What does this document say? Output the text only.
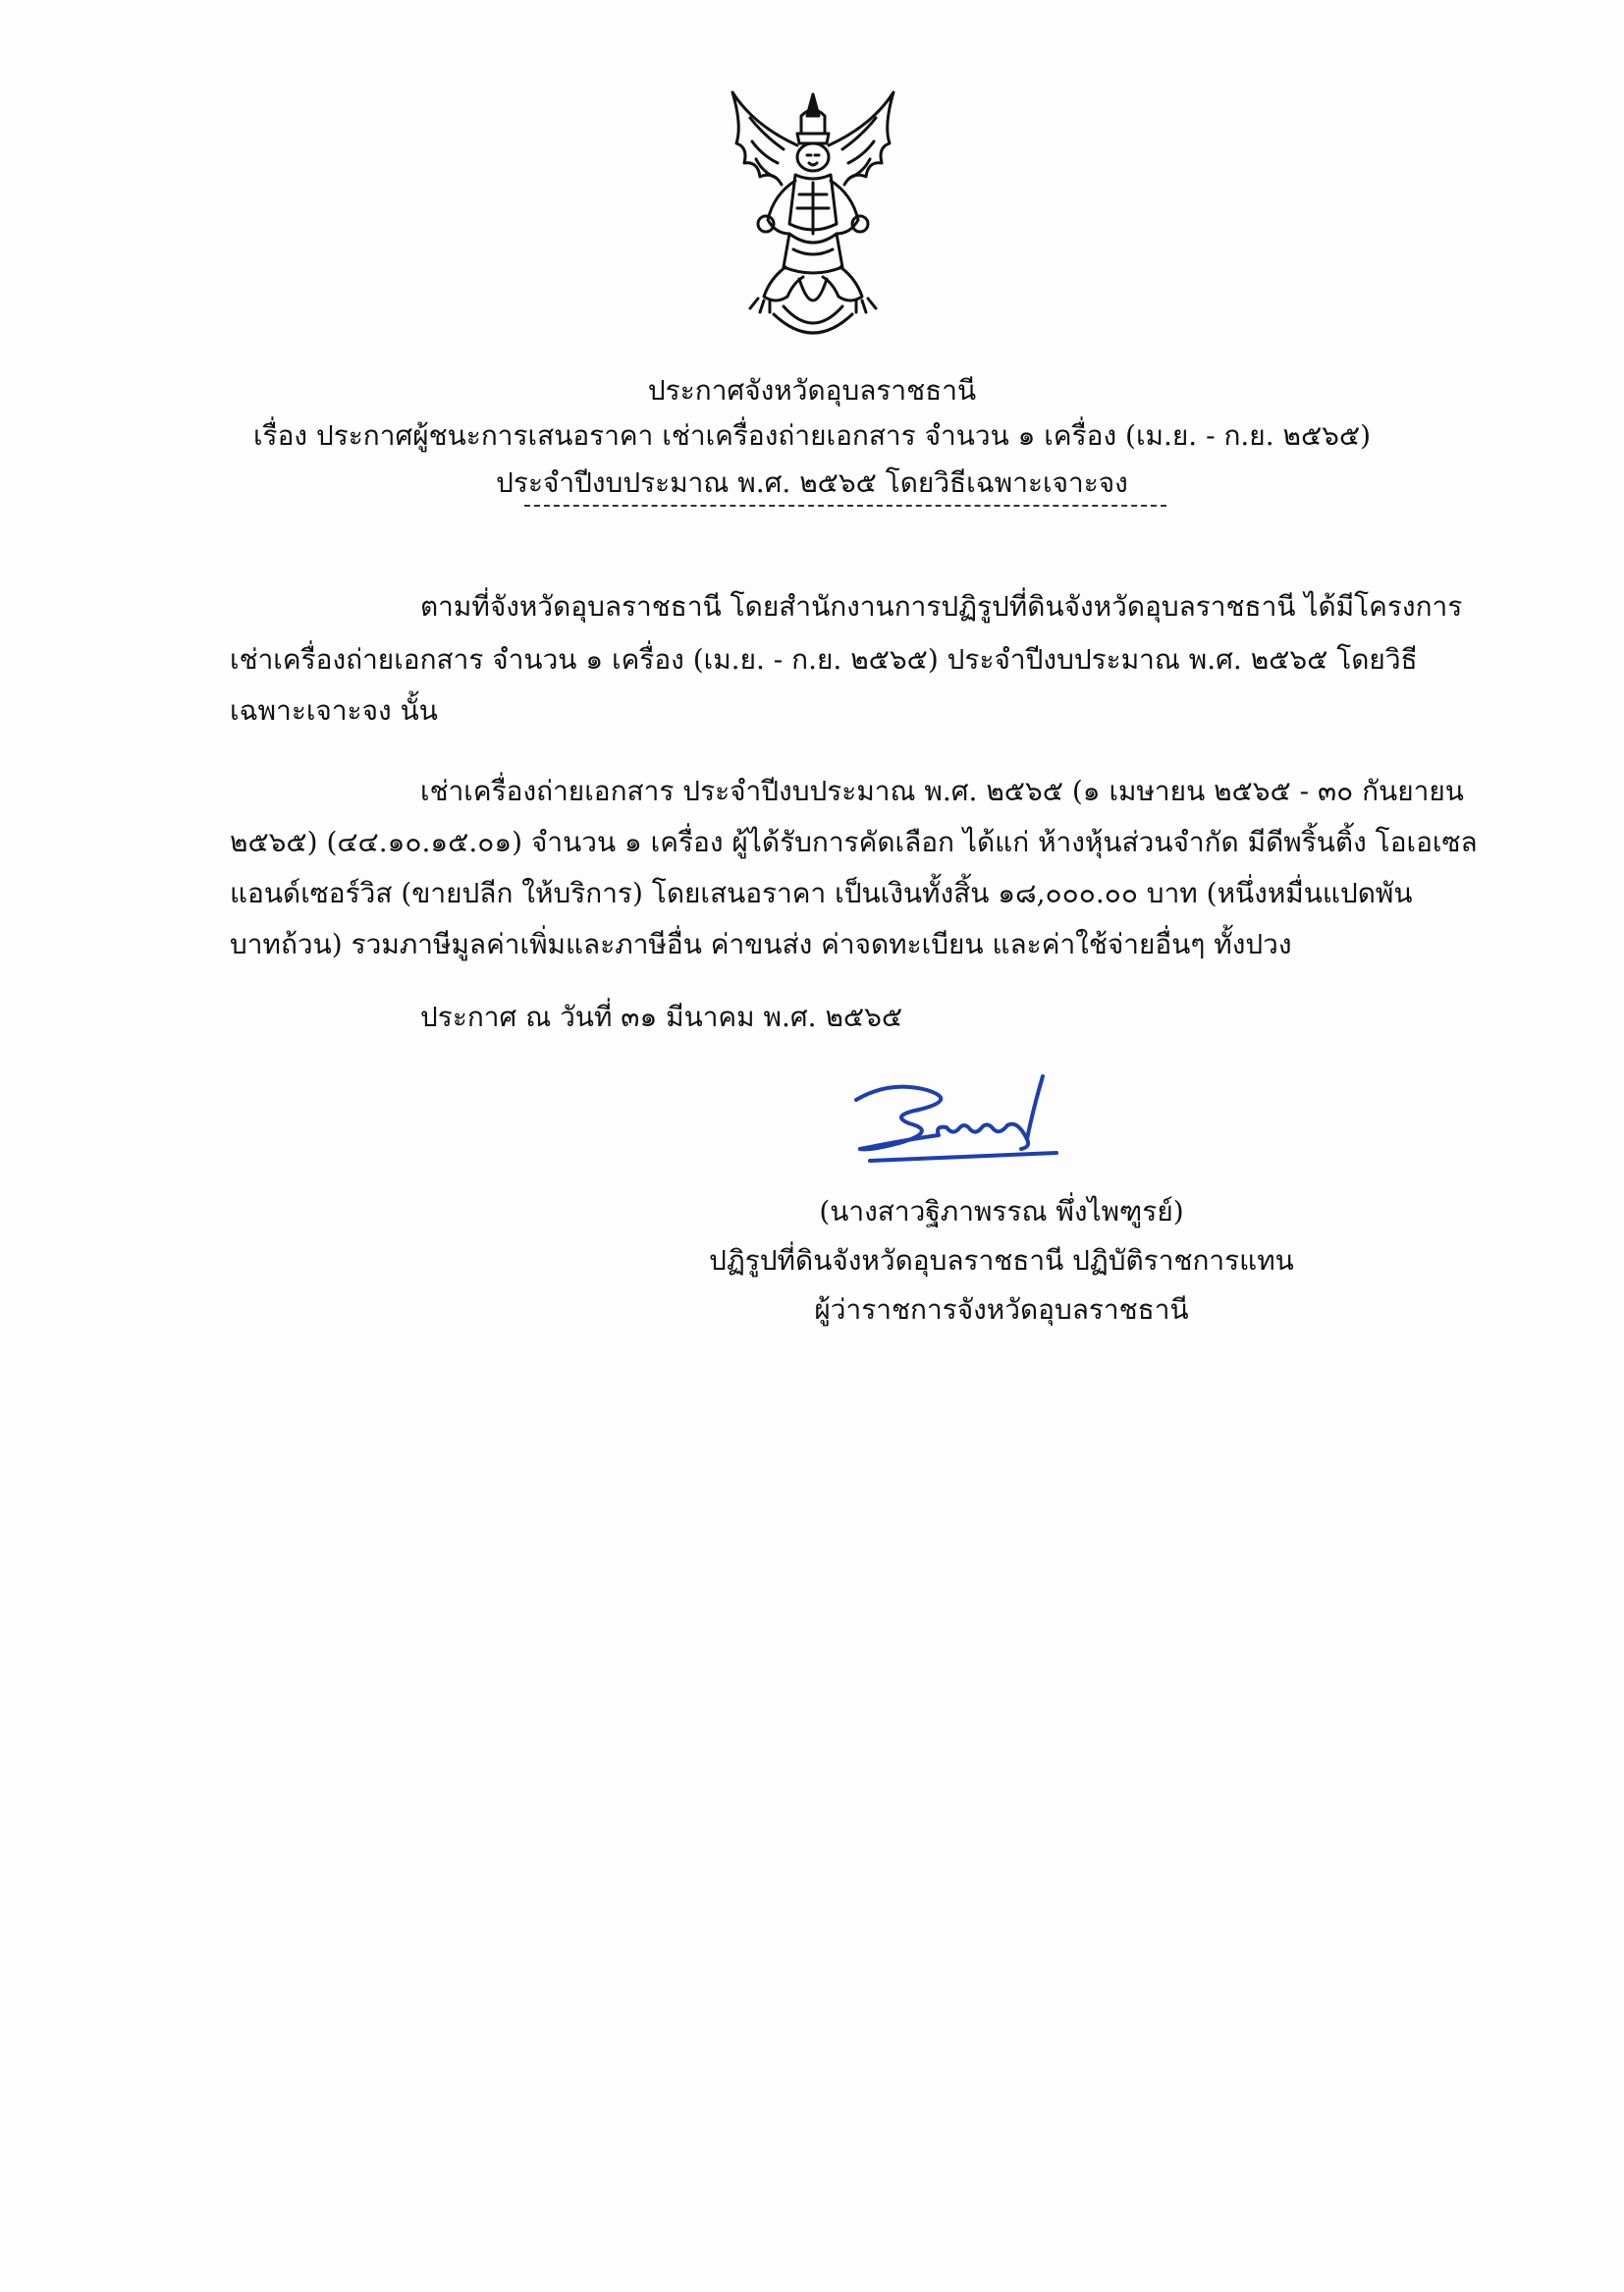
ประกาศจังหวัดอุบลราชธานี
เรื่อง ประกาศผู้ชนะการเสนอราคา เช่าเครื่องถ่ายเอกสาร จำนวน ๑ เครื่อง (เม.ย. - ก.ย. ๒๕๖๕)
ประจำปีงบประมาณ พ.ศ. ๒๕๖๕ โดยวิธีเฉพาะเจาะจง
ตามที่จังหวัดอุบลราชธานี โดยสำนักงานการปฏิรูปที่ดินจังหวัดอุบลราชธานี ได้มีโครงการ
เช่าเครื่องถ่ายเอกสาร จำนวน ๑ เครื่อง (เม.ย. - ก.ย. ๒๕๖๕) ประจำปีงบประมาณ พ.ศ. ๒๕๖๕ โดยวิธี
เฉพาะเจาะจง นั้น
เช่าเครื่องถ่ายเอกสาร ประจำปีงบประมาณ พ.ศ. ๒๕๖๕ (๑ เมษายน ๒๕๖๕ - ๓๐ กันยายน
๒๕๖๕) (๔๔.๑๐.๑๕.๐๑) จำนวน ๑ เครื่อง ผู้ได้รับการคัดเลือก ได้แก่ ห้างหุ้นส่วนจำกัด มีดีพริ้นติ้ง โอเอเซล
แอนด์เซอร์วิส (ขายปลีก ให้บริการ) โดยเสนอราคา เป็นเงินทั้งสิ้น ๑๘,๐๐๐.๐๐ บาท (หนึ่งหมื่นแปดพัน
บาทถ้วน) รวมภาษีมูลค่าเพิ่มและภาษีอื่น ค่าขนส่ง ค่าจดทะเบียน และค่าใช้จ่ายอื่นๆ ทั้งปวง
ประกาศ ณ วันที่ ๓๑ มีนาคม พ.ศ. ๒๕๖๕
(นางสาวฐิภาพรรณ พึ่งไพฑูรย์)
ปฏิรูปที่ดินจังหวัดอุบลราชธานี ปฏิบัติราชการแทน
ผู้ว่าราชการจังหวัดอุบลราชธานี
